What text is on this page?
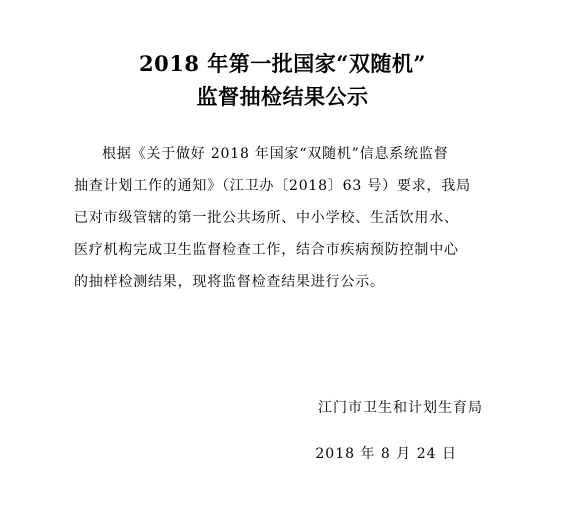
2018 年第一批国家“双随机”
监督抽检结果公示
根据《关于做好 2018 年国家“双随机”信息系统监督
抽查计划工作的通知》（江卫办〔2018〕63 号）要求，我局
已对市级管辖的第一批公共场所、中小学校、生活饮用水、
医疗机构完成卫生监督检查工作，结合市疾病预防控制中心
的抽样检测结果，现将监督检查结果进行公示。
江门市卫生和计划生育局
2018 年 8 月 24 日
